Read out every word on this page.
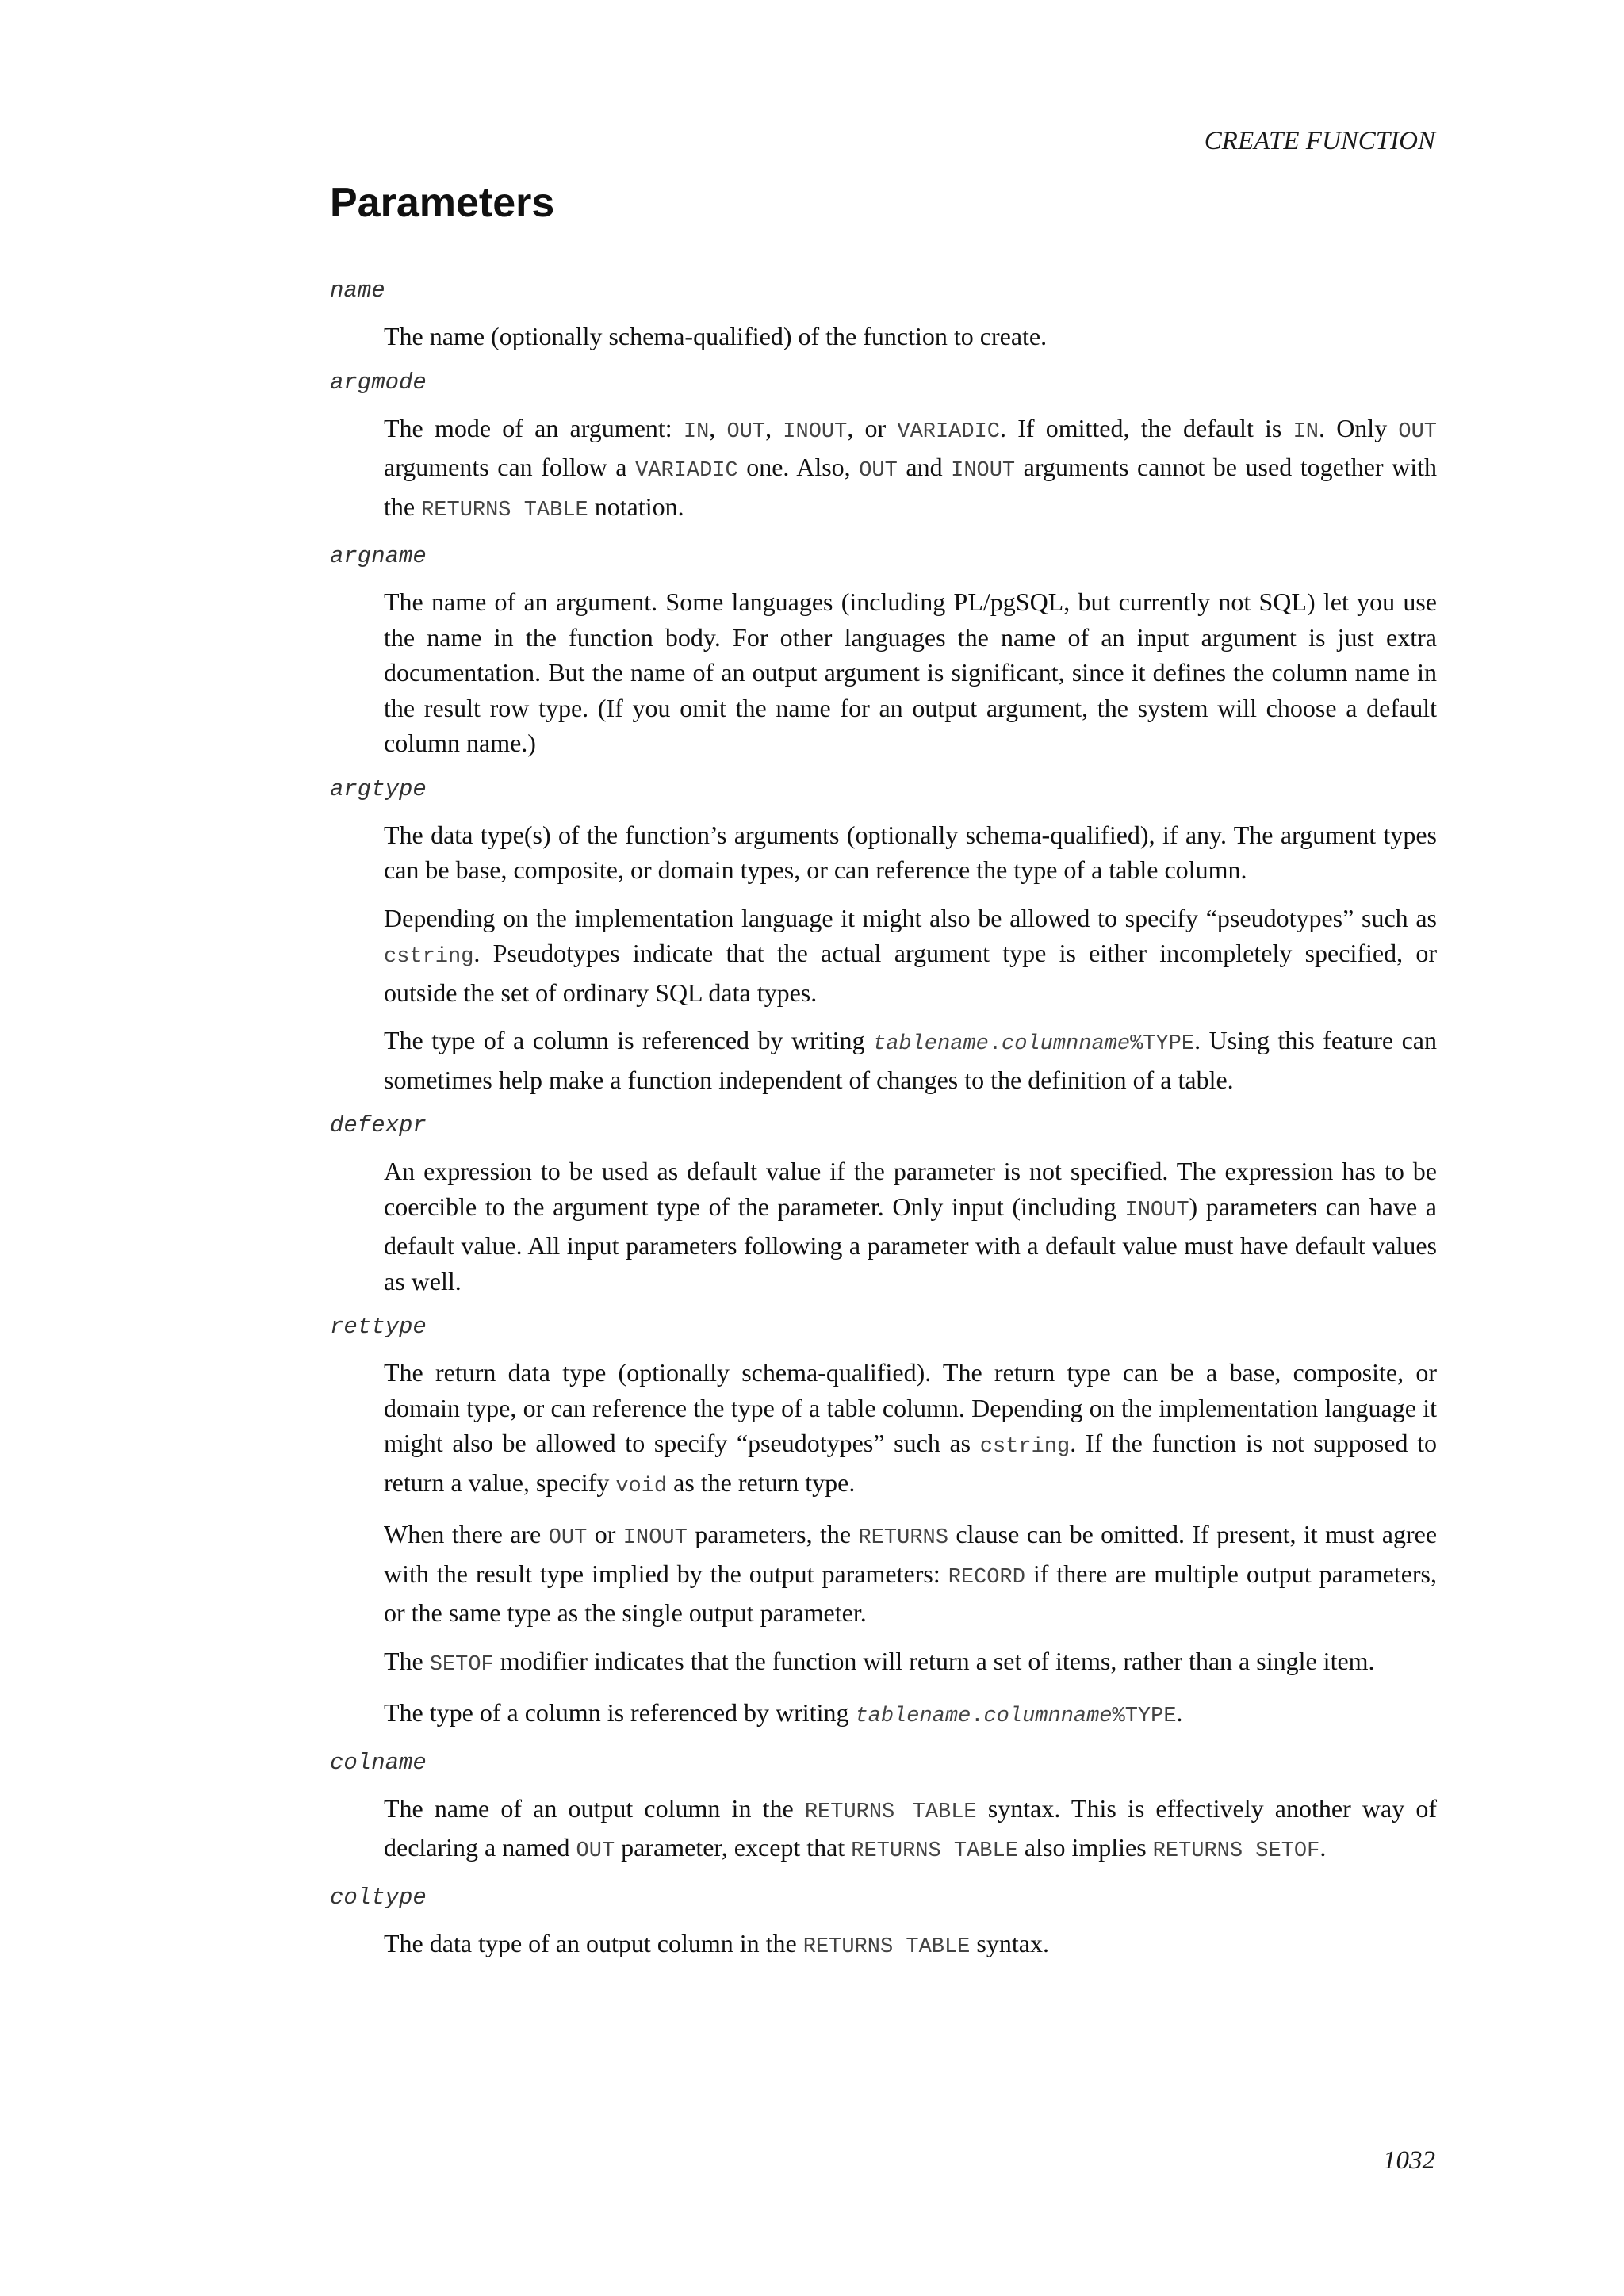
CREATE FUNCTION
Parameters
name

The name (optionally schema-qualified) of the function to create.

argmode

The mode of an argument: IN, OUT, INOUT, or VARIADIC. If omitted, the default is IN. Only OUT arguments can follow a VARIADIC one. Also, OUT and INOUT arguments cannot be used together with the RETURNS TABLE notation.

argname

The name of an argument. Some languages (including PL/pgSQL, but currently not SQL) let you use the name in the function body. For other languages the name of an input argument is just extra documentation. But the name of an output argument is significant, since it defines the column name in the result row type. (If you omit the name for an output argument, the system will choose a default column name.)

argtype

The data type(s) of the function’s arguments (optionally schema-qualified), if any. The argument types can be base, composite, or domain types, or can reference the type of a table column.

Depending on the implementation language it might also be allowed to specify “pseudotypes” such as cstring. Pseudotypes indicate that the actual argument type is either incompletely specified, or outside the set of ordinary SQL data types.

The type of a column is referenced by writing tablename.columnname%TYPE. Using this feature can sometimes help make a function independent of changes to the definition of a table.

defexpr

An expression to be used as default value if the parameter is not specified. The expression has to be coercible to the argument type of the parameter. Only input (including INOUT) parameters can have a default value. All input parameters following a parameter with a default value must have default values as well.

rettype

The return data type (optionally schema-qualified). The return type can be a base, composite, or domain type, or can reference the type of a table column. Depending on the implementation language it might also be allowed to specify “pseudotypes” such as cstring. If the function is not supposed to return a value, specify void as the return type.

When there are OUT or INOUT parameters, the RETURNS clause can be omitted. If present, it must agree with the result type implied by the output parameters: RECORD if there are multiple output parameters, or the same type as the single output parameter.

The SETOF modifier indicates that the function will return a set of items, rather than a single item.

The type of a column is referenced by writing tablename.columnname%TYPE.

colname

The name of an output column in the RETURNS TABLE syntax. This is effectively another way of declaring a named OUT parameter, except that RETURNS TABLE also implies RETURNS SETOF.

coltype

The data type of an output column in the RETURNS TABLE syntax.

1032
